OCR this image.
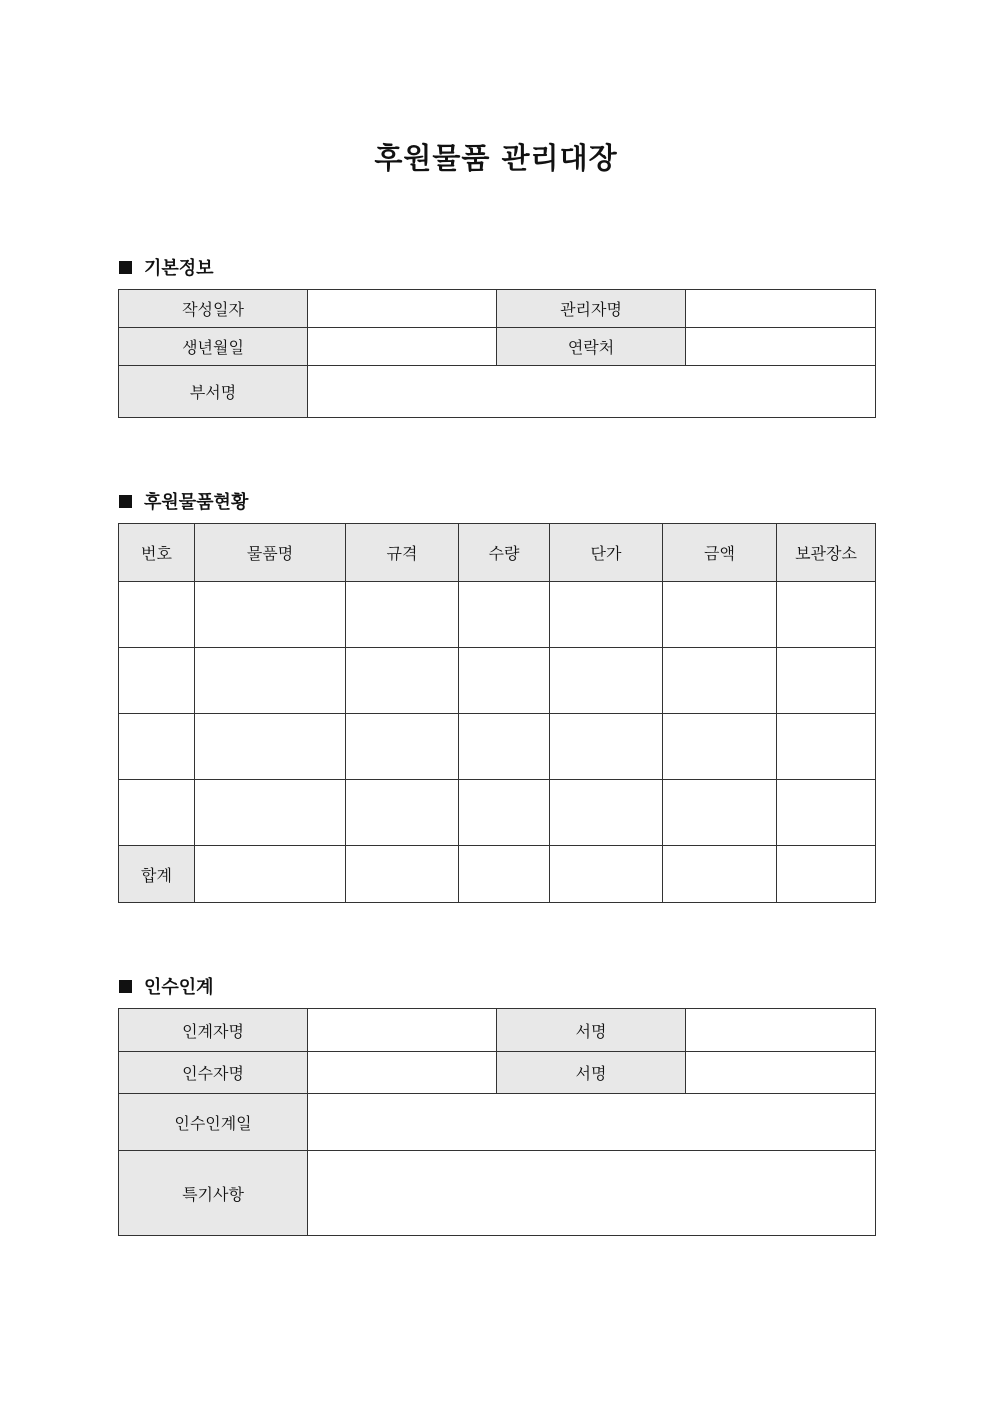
후원물품 관리대장
기본정보
작성일자		관리자명	
생년월일		연락처	
부서명			
후원물품현황
번호	물품명	규격	수량	단가	금액	보관장소

합계						
인수인계
인계자명		서명	
인수자명		서명	
인수인계일			
특기사항			
